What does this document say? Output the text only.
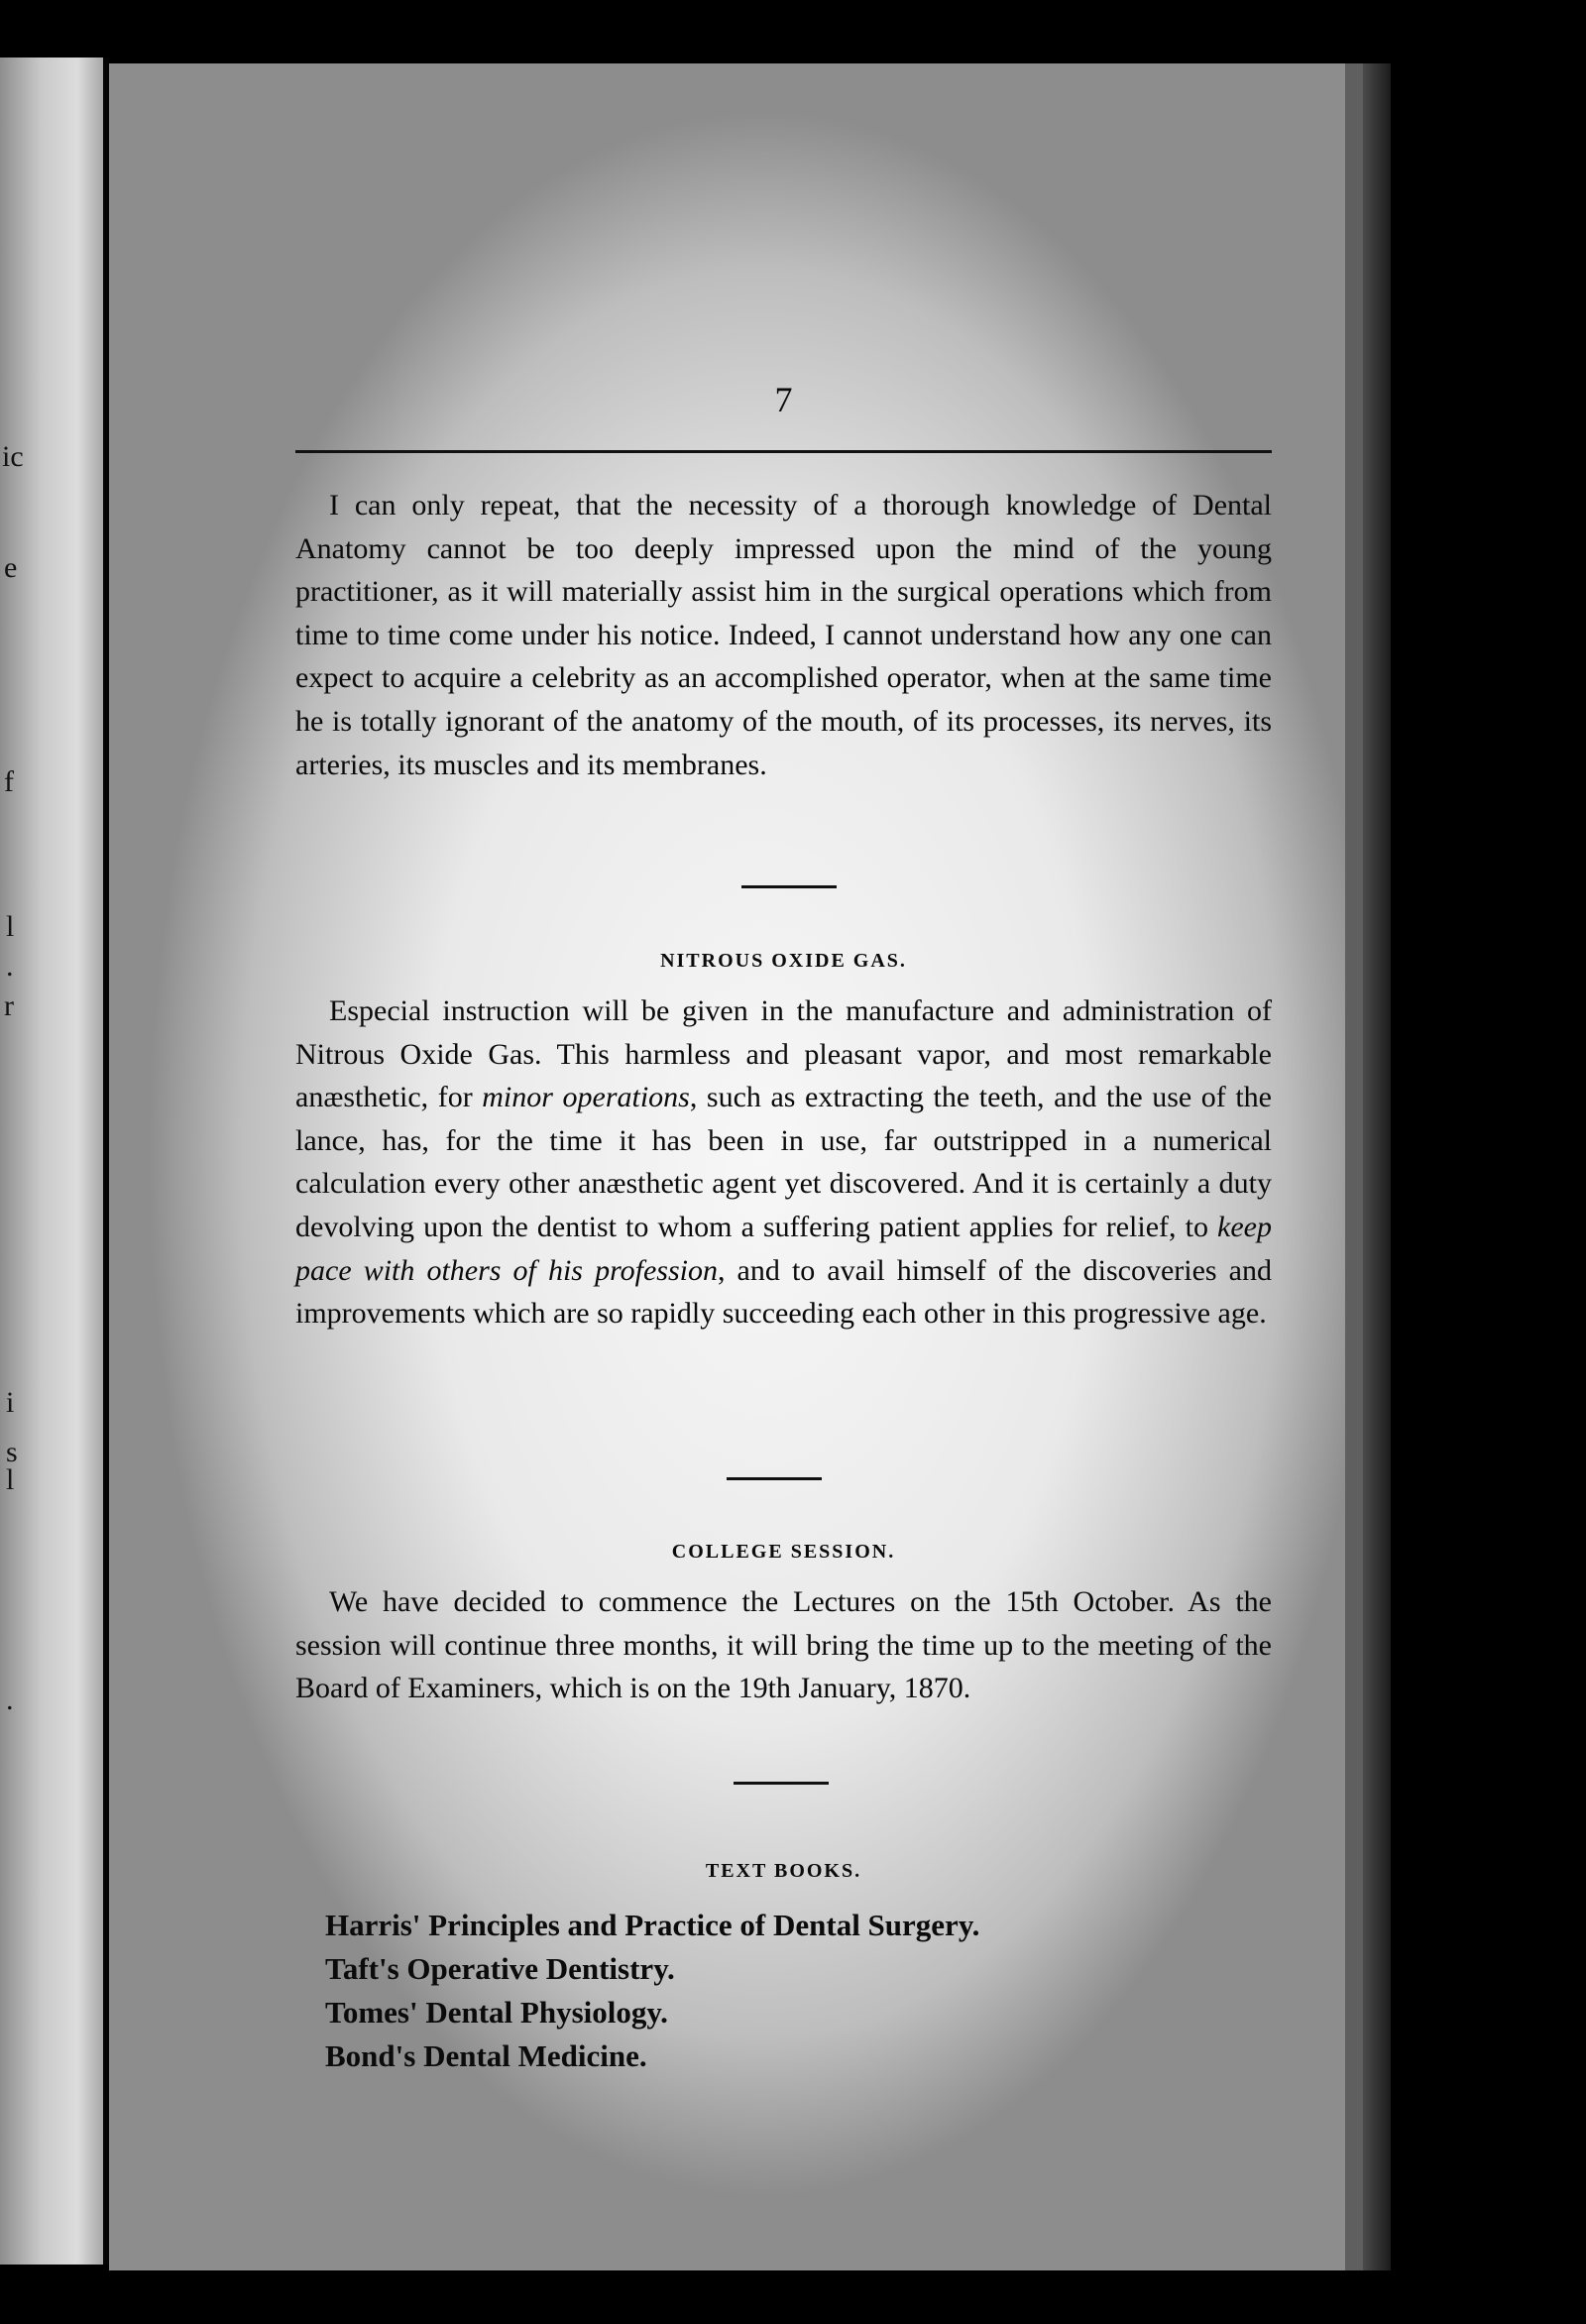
ic
e
f
l
.
r
i
s
l
.
7

I can only repeat, that the necessity of a thorough knowledge of Dental Anatomy cannot be too deeply impressed upon the mind of the young practitioner, as it will materially assist him in the surgical operations which from time to time come under his notice. Indeed, I cannot understand how any one can expect to acquire a celebrity as an accomplished operator, when at the same time he is totally ignorant of the anatomy of the mouth, of its processes, its nerves, its arteries, its muscles and its membranes.

NITROUS OXIDE GAS.

Especial instruction will be given in the manufacture and administration of Nitrous Oxide Gas. This harmless and pleasant vapor, and most remarkable anæsthetic, for minor operations, such as extracting the teeth, and the use of the lance, has, for the time it has been in use, far outstripped in a numerical calculation every other anæsthetic agent yet discovered. And it is certainly a duty devolving upon the dentist to whom a suffering patient applies for relief, to keep pace with others of his profession, and to avail himself of the discoveries and improvements which are so rapidly succeeding each other in this progressive age.

COLLEGE SESSION.

We have decided to commence the Lectures on the 15th October. As the session will continue three months, it will bring the time up to the meeting of the Board of Examiners, which is on the 19th January, 1870.

TEXT BOOKS.
Harris' Principles and Practice of Dental Surgery.
Taft's Operative Dentistry.
Tomes' Dental Physiology.
Bond's Dental Medicine.
